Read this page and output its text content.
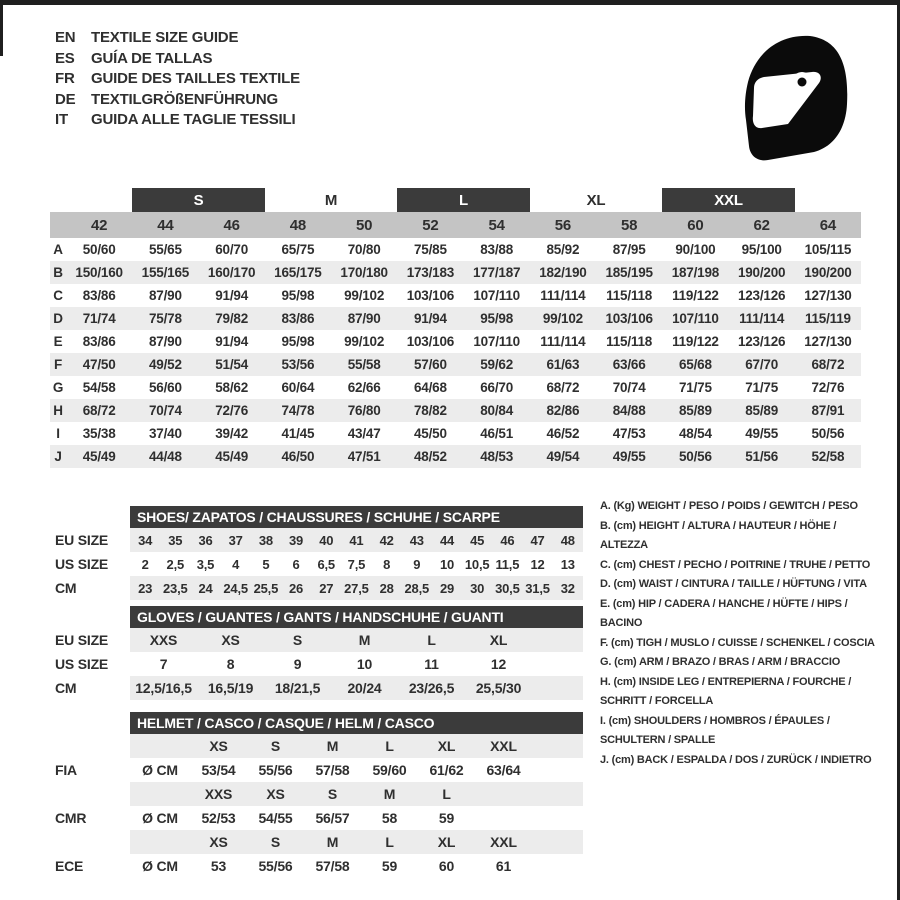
EN	TEXTILE SIZE GUIDE
ES	GUÍA DE TALLAS
FR	GUIDE DES TAILLES TEXTILE
DE	TEXTILGRÖßENFÜHRUNG
IT	GUIDA ALLE TAGLIE TESSILI
		S		M		L		XL		XXL		
	42	44	46	48	50	52	54	56	58	60	62	64
A	50/60	55/65	60/70	65/75	70/80	75/85	83/88	85/92	87/95	90/100	95/100	105/115
B	150/160	155/165	160/170	165/175	170/180	173/183	177/187	182/190	185/195	187/198	190/200	190/200
C	83/86	87/90	91/94	95/98	99/102	103/106	107/110	111/114	115/118	119/122	123/126	127/130
D	71/74	75/78	79/82	83/86	87/90	91/94	95/98	99/102	103/106	107/110	111/114	115/119
E	83/86	87/90	91/94	95/98	99/102	103/106	107/110	111/114	115/118	119/122	123/126	127/130
F	47/50	49/52	51/54	53/56	55/58	57/60	59/62	61/63	63/66	65/68	67/70	68/72
G	54/58	56/60	58/62	60/64	62/66	64/68	66/70	68/72	70/74	71/75	71/75	72/76
H	68/72	70/74	72/76	74/78	76/80	78/82	80/84	82/86	84/88	85/89	85/89	87/91
I	35/38	37/40	39/42	41/45	43/47	45/50	46/51	46/52	47/53	48/54	49/55	50/56
J	45/49	44/48	45/49	46/50	47/51	48/52	48/53	49/54	49/55	50/56	51/56	52/58
SHOES/ ZAPATOS / CHAUSSURES / SCHUHE / SCARPE
EU SIZE	34	35	36	37	38	39	40	41	42	43	44	45	46	47	48
US SIZE	2	2,5	3,5	4	5	6	6,5	7,5	8	9	10	10,5	11,5	12	13
CM	23	23,5	24	24,5	25,5	26	27	27,5	28	28,5	29	30	30,5	31,5	32
GLOVES / GUANTES / GANTS / HANDSCHUHE / GUANTI
EU SIZE	XXS	XS	S	M	L	XL	
US SIZE	7	8	9	10	11	12	
CM	12,5/16,5	16,5/19	18/21,5	20/24	23/26,5	25,5/30	
HELMET / CASCO / CASQUE / HELM / CASCO
		XS	S	M	L	XL	XXL	
FIA	Ø CM	53/54	55/56	57/58	59/60	61/62	63/64	
		XXS	XS	S	M	L		
CMR	Ø CM	52/53	54/55	56/57	58	59		
		XS	S	M	L	XL	XXL	
ECE	Ø CM	53	55/56	57/58	59	60	61	
A. (Kg) WEIGHT / PESO / POIDS / GEWITCH / PESO
B. (cm) HEIGHT / ALTURA / HAUTEUR / HÖHE / ALTEZZA
C. (cm) CHEST / PECHO / POITRINE / TRUHE / PETTO
D. (cm) WAIST / CINTURA / TAILLE / HÜFTUNG / VITA
E. (cm) HIP / CADERA / HANCHE / HÜFTE / HIPS / BACINO
F. (cm) TIGH / MUSLO / CUISSE / SCHENKEL / COSCIA
G. (cm) ARM / BRAZO / BRAS / ARM / BRACCIO
H. (cm) INSIDE LEG / ENTREPIERNA / FOURCHE / SCHRITT / FORCELLA
I. (cm) SHOULDERS / HOMBROS / ÉPAULES / SCHULTERN / SPALLE
J. (cm) BACK / ESPALDA / DOS / ZURÜCK / INDIETRO
